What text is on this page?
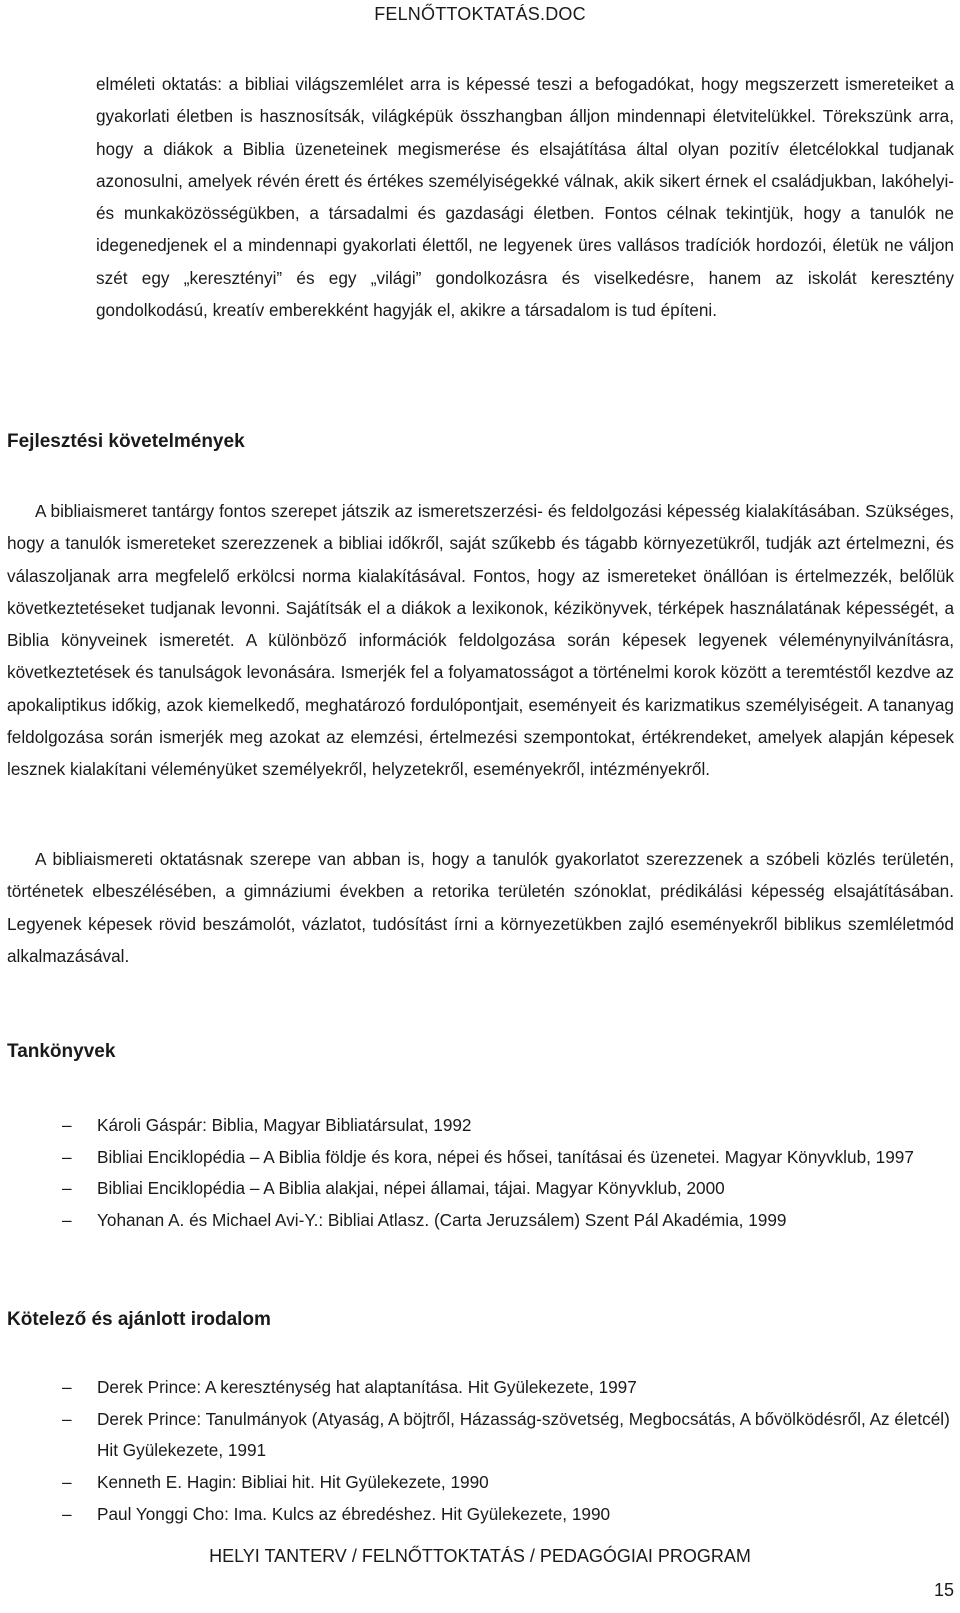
FELNŐTTOKTATÁS.DOC

elméleti oktatás: a bibliai világszemlélet arra is képessé teszi a befogadókat, hogy megszerzett ismereteiket a gyakorlati életben is hasznosítsák, világképük összhangban álljon mindennapi életvitelükkel. Törekszünk arra, hogy a diákok a Biblia üzeneteinek megismerése és elsajátítása által olyan pozitív életcélokkal tudjanak azonosulni, amelyek révén érett és értékes személyiségekké válnak, akik sikert érnek el családjukban, lakóhelyi- és munkaközösségükben, a társadalmi és gazdasági életben. Fontos célnak tekintjük, hogy a tanulók ne idegenedjenek el a mindennapi gyakorlati élettől, ne legyenek üres vallásos tradíciók hordozói, életük ne váljon szét egy „keresztényi” és egy „világi” gondolkozásra és viselkedésre, hanem az iskolát keresztény gondolkodású, kreatív emberekként hagyják el, akikre a társadalom is tud építeni.

Fejlesztési követelmények

A bibliaismeret tantárgy fontos szerepet játszik az ismeretszerzési- és feldolgozási képesség kialakításában. Szükséges, hogy a tanulók ismereteket szerezzenek a bibliai időkről, saját szűkebb és tágabb környezetükről, tudják azt értelmezni, és válaszoljanak arra megfelelő erkölcsi norma kialakításával. Fontos, hogy az ismereteket önállóan is értelmezzék, belőlük következtetéseket tudjanak levonni. Sajátítsák el a diákok a lexikonok, kézikönyvek, térképek használatának képességét, a Biblia könyveinek ismeretét. A különböző információk feldolgozása során képesek legyenek véleménynyilvánításra, következtetések és tanulságok levonására. Ismerjék fel a folyamatosságot a történelmi korok között a teremtéstől kezdve az apokaliptikus időkig, azok kiemelkedő, meghatározó fordulópontjait, eseményeit és karizmatikus személyiségeit. A tananyag feldolgozása során ismerjék meg azokat az elemzési, értelmezési szempontokat, értékrendeket, amelyek alapján képesek lesznek kialakítani véleményüket személyekről, helyzetekről, eseményekről, intézményekről.

A bibliaismereti oktatásnak szerepe van abban is, hogy a tanulók gyakorlatot szerezzenek a szóbeli közlés területén, történetek elbeszélésében, a gimnáziumi években a retorika területén szónoklat, prédikálási képesség elsajátításában. Legyenek képesek rövid beszámolót, vázlatot, tudósítást írni a környezetükben zajló eseményekről biblikus szemléletmód alkalmazásával.

Tankönyvek
– Károli Gáspár: Biblia, Magyar Bibliatársulat, 1992
– Bibliai Enciklopédia – A Biblia földje és kora, népei és hősei, tanításai és üzenetei. Magyar Könyvklub, 1997
– Bibliai Enciklopédia – A Biblia alakjai, népei államai, tájai. Magyar Könyvklub, 2000
– Yohanan A. és Michael Avi-Y.: Bibliai Atlasz. (Carta Jeruzsálem) Szent Pál Akadémia, 1999
Kötelező és ajánlott irodalom
– Derek Prince: A kereszténység hat alaptanítása. Hit Gyülekezete, 1997
– Derek Prince: Tanulmányok (Atyaság, A böjtről, Házasság-szövetség, Megbocsátás, A bővölködésről, Az életcél) Hit Gyülekezete, 1991
– Kenneth E. Hagin: Bibliai hit. Hit Gyülekezete, 1990
– Paul Yonggi Cho: Ima. Kulcs az ébredéshez. Hit Gyülekezete, 1990
HELYI TANTERV / FELNŐTTOKTATÁS / PEDAGÓGIAI PROGRAM
15
